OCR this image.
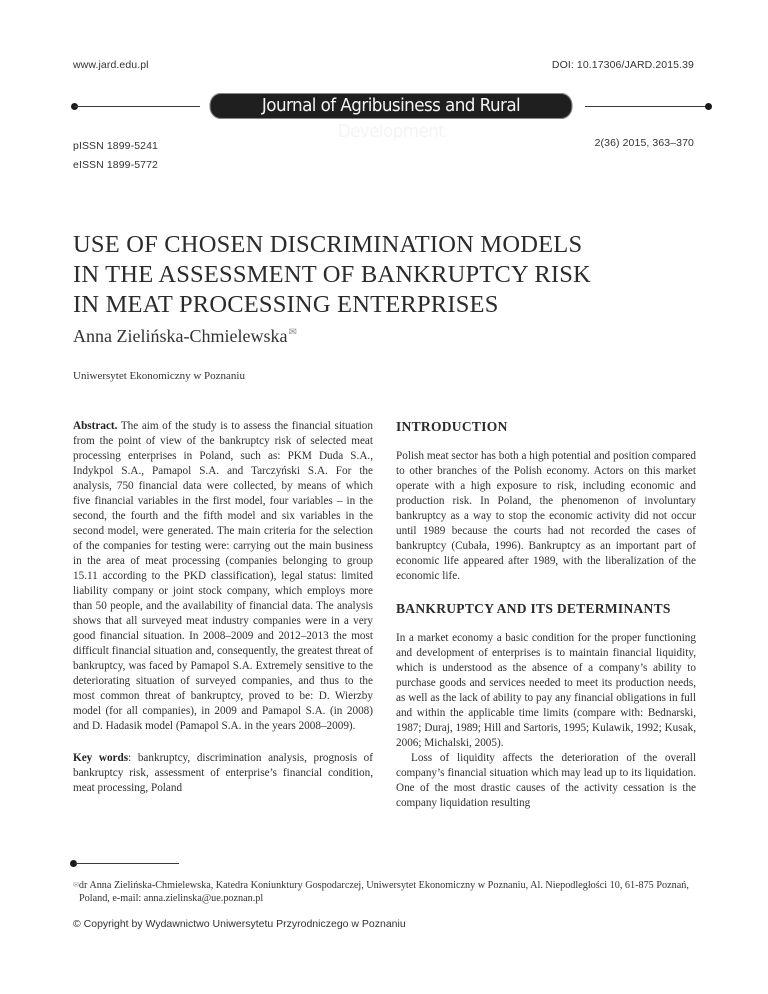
www.jard.edu.pl	DOI: 10.17306/JARD.2015.39
Journal of Agribusiness and Rural Development
pISSN 1899-5241
eISSN 1899-5772
2(36) 2015, 363–370
USE OF CHOSEN DISCRIMINATION MODELS
IN THE ASSESSMENT OF BANKRUPTCY RISK
IN MEAT PROCESSING ENTERPRISES
Anna Zielińska-Chmielewska✉
Uniwersytet Ekonomiczny w Poznaniu

Abstract. The aim of the study is to assess the financial situation from the point of view of the bankruptcy risk of selected meat processing enterprises in Poland, such as: PKM Duda S.A., Indykpol S.A., Pamapol S.A. and Tarczyński S.A. For the analysis, 750 financial data were collected, by means of which five financial variables in the first model, four variables – in the second, the fourth and the fifth model and six variables in the second model, were generated. The main criteria for the selection of the companies for testing were: carrying out the main business in the area of meat processing (companies belonging to group 15.11 according to the PKD classification), legal status: limited liability company or joint stock company, which employs more than 50 people, and the availability of financial data. The analysis shows that all surveyed meat industry companies were in a very good financial situation. In 2008–2009 and 2012–2013 the most difficult financial situation and, consequently, the greatest threat of bankruptcy, was faced by Pamapol S.A. Extremely sensitive to the deteriorating situation of surveyed companies, and thus to the most common threat of bankruptcy, proved to be: D. Wierzby model (for all companies), in 2009 and Pamapol S.A. (in 2008) and D. Hadasik model (Pamapol S.A. in the years 2008–2009).

Key words: bankruptcy, discrimination analysis, prognosis of bankruptcy risk, assessment of enterprise’s financial condition, meat processing, Poland

INTRODUCTION

Polish meat sector has both a high potential and position compared to other branches of the Polish economy. Actors on this market operate with a high exposure to risk, including economic and production risk. In Poland, the phenomenon of involuntary bankruptcy as a way to stop the economic activity did not occur until 1989 because the courts had not recorded the cases of bankruptcy (Cubała, 1996). Bankruptcy as an important part of economic life appeared after 1989, with the liberalization of the economic life.

BANKRUPTCY AND ITS DETERMINANTS

In a market economy a basic condition for the proper functioning and development of enterprises is to maintain financial liquidity, which is understood as the absence of a company’s ability to purchase goods and services needed to meet its production needs, as well as the lack of ability to pay any financial obligations in full and within the applicable time limits (compare with: Bednarski, 1987; Duraj, 1989; Hill and Sartoris, 1995; Kulawik, 1992; Kusak, 2006; Michalski, 2005).

Loss of liquidity affects the deterioration of the overall company’s financial situation which may lead up to its liquidation. One of the most drastic causes of the activity cessation is the company liquidation resulting

✉dr Anna Zielińska-Chmielewska, Katedra Koniunktury Gospodarczej, Uniwersytet Ekonomiczny w Poznaniu, Al. Niepodległości 10, 61-875 Poznań, Poland, e-mail: anna.zielinska@ue.poznan.pl
© Copyright by Wydawnictwo Uniwersytetu Przyrodniczego w Poznaniu
